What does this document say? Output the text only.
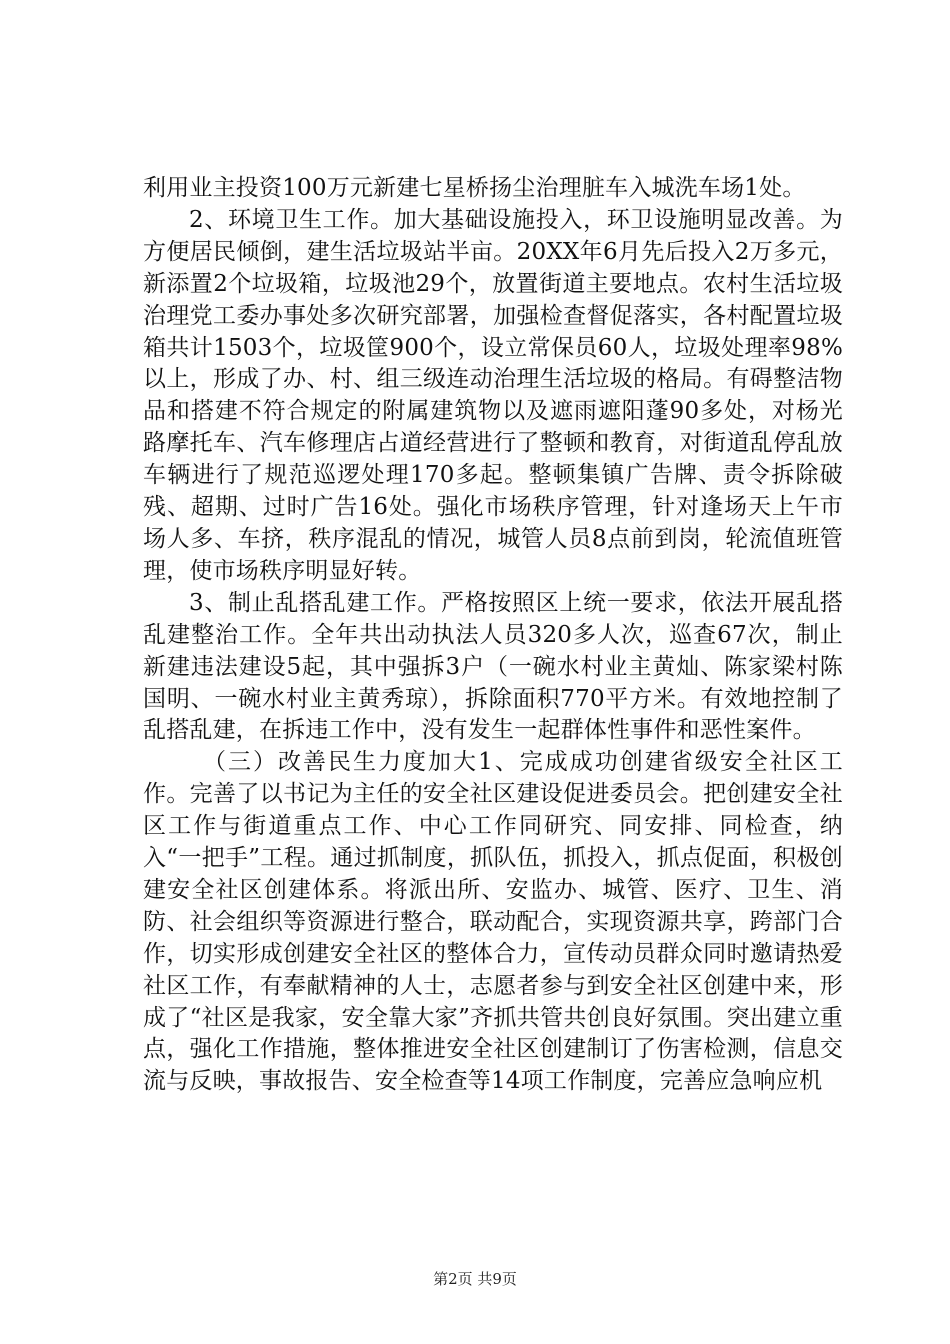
利用业主投资100万元新建七星桥扬尘治理脏车入城洗车场1处。

2、环境卫生工作。加大基础设施投入，环卫设施明显改善。为方便居民倾倒，建生活垃圾站半亩。20XX年6月先后投入2万多元，新添置2个垃圾箱，垃圾池29个，放置街道主要地点。农村生活垃圾治理党工委办事处多次研究部署，加强检查督促落实，各村配置垃圾箱共计1503个，垃圾筐900个，设立常保员60人，垃圾处理率98%以上，形成了办、村、组三级连动治理生活垃圾的格局。有碍整洁物品和搭建不符合规定的附属建筑物以及遮雨遮阳蓬90多处，对杨光路摩托车、汽车修理店占道经营进行了整顿和教育，对街道乱停乱放车辆进行了规范巡逻处理170多起。整顿集镇广告牌、责令拆除破残、超期、过时广告16处。强化市场秩序管理，针对逢场天上午市场人多、车挤，秩序混乱的情况，城管人员8点前到岗，轮流值班管理，使市场秩序明显好转。

3、制止乱搭乱建工作。严格按照区上统一要求，依法开展乱搭乱建整治工作。全年共出动执法人员320多人次，巡查67次，制止新建违法建设5起，其中强拆3户（一碗水村业主黄灿、陈家梁村陈国明、一碗水村业主黄秀琼），拆除面积770平方米。有效地控制了乱搭乱建，在拆违工作中，没有发生一起群体性事件和恶性案件。

（三）改善民生力度加大1、完成成功创建省级安全社区工作。完善了以书记为主任的安全社区建设促进委员会。把创建安全社区工作与街道重点工作、中心工作同研究、同安排、同检查，纳入“一把手”工程。通过抓制度，抓队伍，抓投入，抓点促面，积极创建安全社区创建体系。将派出所、安监办、城管、医疗、卫生、消防、社会组织等资源进行整合，联动配合，实现资源共享，跨部门合作，切实形成创建安全社区的整体合力，宣传动员群众同时邀请热爱社区工作，有奉献精神的人士，志愿者参与到安全社区创建中来，形成了“社区是我家，安全靠大家”齐抓共管共创良好氛围。突出建立重点，强化工作措施，整体推进安全社区创建制订了伤害检测，信息交流与反映，事故报告、安全检查等14项工作制度，完善应急响应机

第2页 共9页
